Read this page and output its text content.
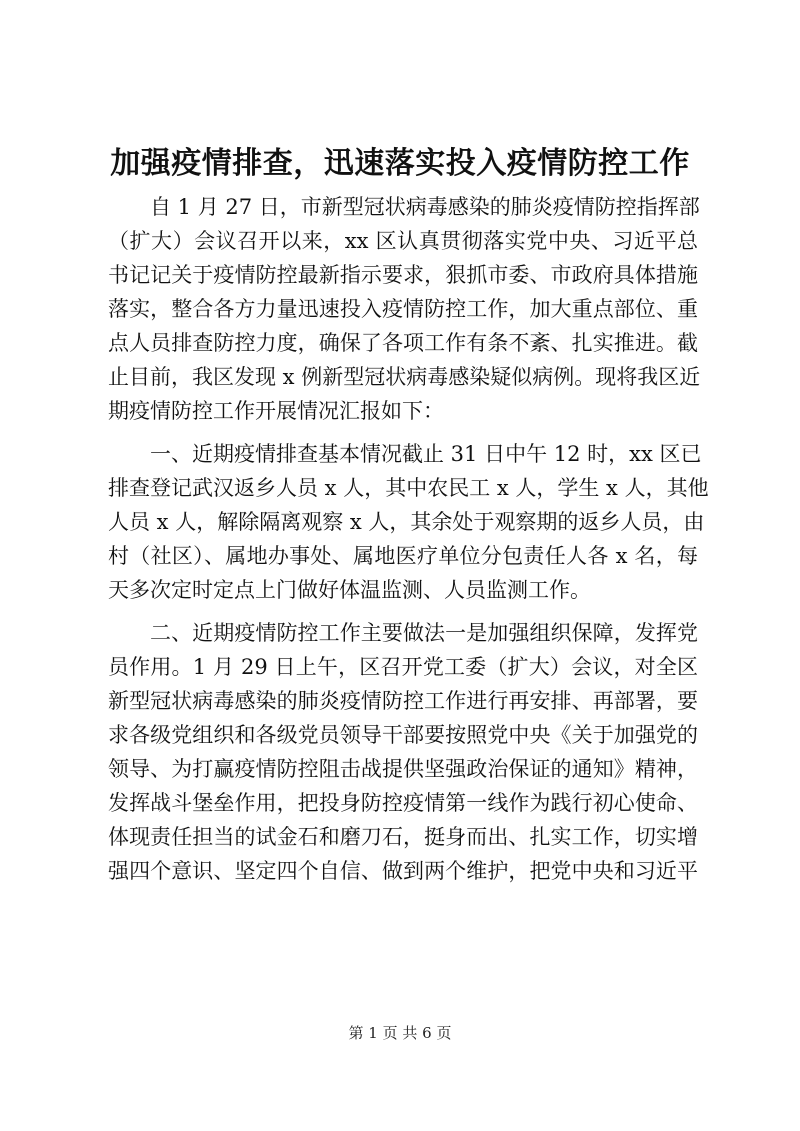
加强疫情排查，迅速落实投入疫情防控工作
自 1 月 27 日，市新型冠状病毒感染的肺炎疫情防控指挥部
（扩大）会议召开以来，xx 区认真贯彻落实党中央、习近平总
书记记关于疫情防控最新指示要求，狠抓市委、市政府具体措施
落实，整合各方力量迅速投入疫情防控工作，加大重点部位、重
点人员排查防控力度，确保了各项工作有条不紊、扎实推进。截
止目前，我区发现 x 例新型冠状病毒感染疑似病例。现将我区近
期疫情防控工作开展情况汇报如下：
一、近期疫情排查基本情况截止 31 日中午 12 时，xx 区已
排查登记武汉返乡人员 x 人，其中农民工 x 人，学生 x 人，其他
人员 x 人，解除隔离观察 x 人，其余处于观察期的返乡人员，由
村（社区）、属地办事处、属地医疗单位分包责任人各 x 名，每
天多次定时定点上门做好体温监测、人员监测工作。
二、近期疫情防控工作主要做法一是加强组织保障，发挥党
员作用。1 月 29 日上午，区召开党工委（扩大）会议，对全区
新型冠状病毒感染的肺炎疫情防控工作进行再安排、再部署，要
求各级党组织和各级党员领导干部要按照党中央《关于加强党的
领导、为打赢疫情防控阻击战提供坚强政治保证的通知》精神，
发挥战斗堡垒作用，把投身防控疫情第一线作为践行初心使命、
体现责任担当的试金石和磨刀石，挺身而出、扎实工作，切实增
强四个意识、坚定四个自信、做到两个维护，把党中央和习近平
第 1 页 共 6 页
